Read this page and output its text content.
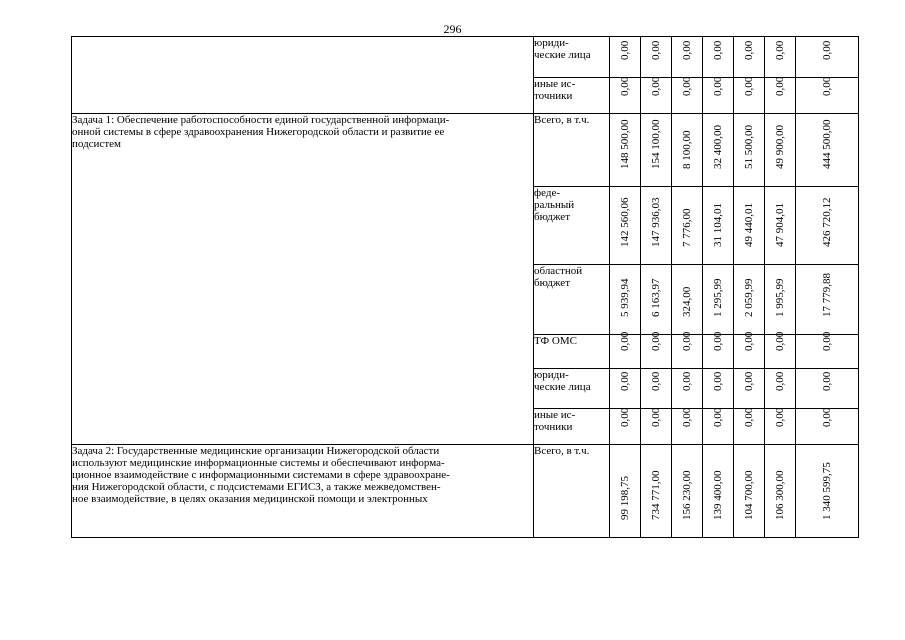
296
	юриди-
ческие лица	0,00	0,00	0,00	0,00	0,00	0,00	0,00

	иные ис-
точники	0,00	0,00	0,00	0,00	0,00	0,00	0,00

Задача 1: Обеспечение работоспособности единой государственной информаци-
онной системы в сфере здравоохранения Нижегородской области и развитие ее
подсистем	Всего, в т.ч.	148 500,00	154 100,00	8 100,00	32 400,00	51 500,00	49 900,00	444 500,00

	феде-
ральный
бюджет	142 560,06	147 936,03	7 776,00	31 104,01	49 440,01	47 904,01	426 720,12

	областной
бюджет	5 939,94	6 163,97	324,00	1 295,99	2 059,99	1 995,99	17 779,88

	ТФ ОМС	0,00	0,00	0,00	0,00	0,00	0,00	0,00

	юриди-
ческие лица	0,00	0,00	0,00	0,00	0,00	0,00	0,00

	иные ис-
точники	0,00	0,00	0,00	0,00	0,00	0,00	0,00

Задача 2: Государственные медицинские организации Нижегородской области
используют медицинские информационные системы и обеспечивают информа-
ционное взаимодействие с информационными системами в сфере здравоохране-
ния Нижегородской области, с подсистемами ЕГИСЗ, а также межведомствен-
ное взаимодействие, в целях оказания медицинской помощи и электронных	Всего, в т.ч.	99 198,75	734 771,00	156 230,00	139 400,00	104 700,00	106 300,00	1 340 599,75
